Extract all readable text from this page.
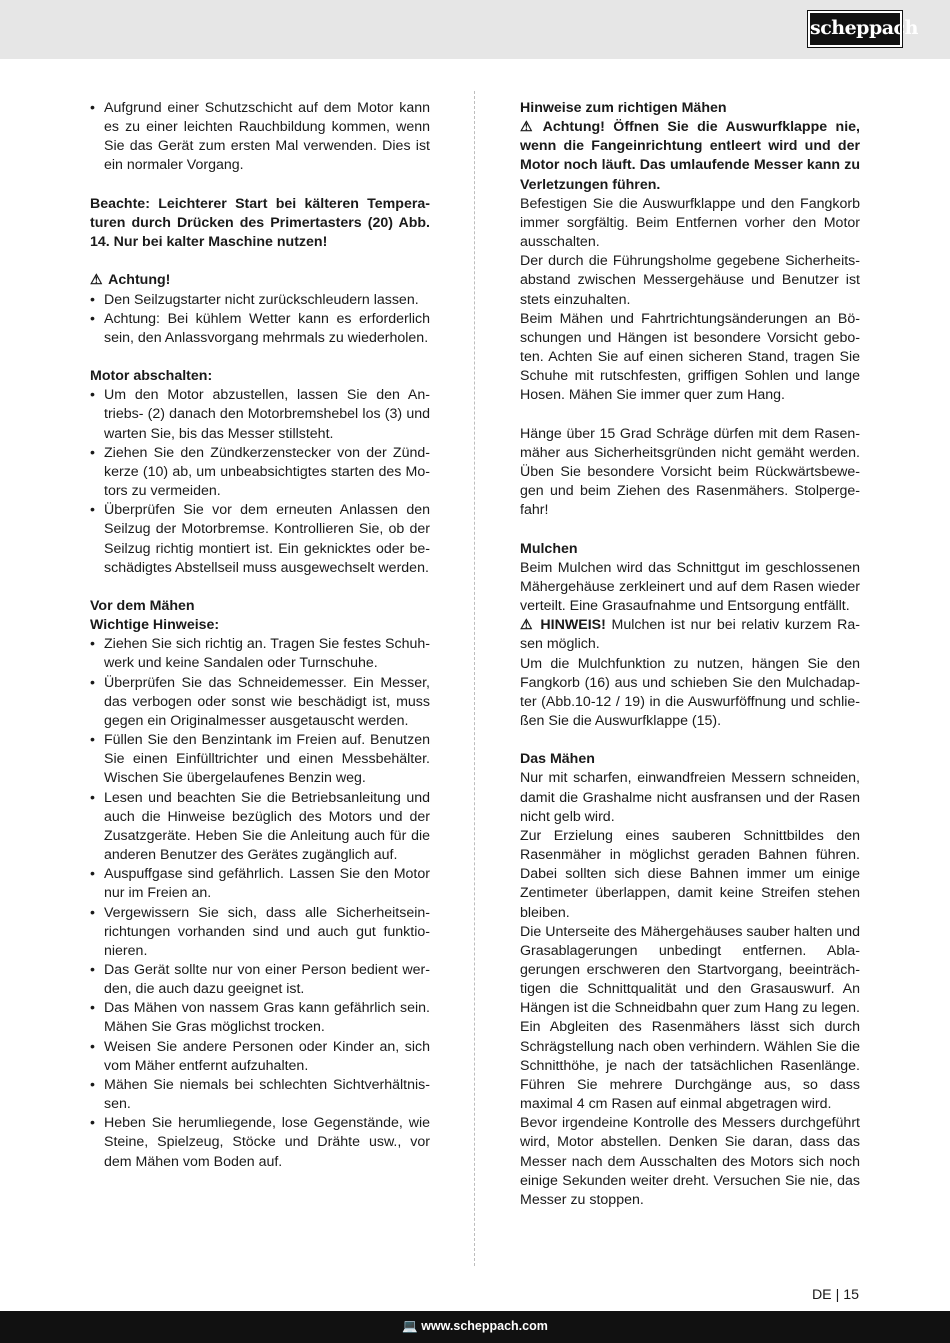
scheppach
• Aufgrund einer Schutzschicht auf dem Motor kann es zu einer leichten Rauchbildung kommen, wenn Sie das Gerät zum ersten Mal verwenden. Dies ist ein normaler Vorgang.

Beachte: Leichterer Start bei kälteren Temperaturen durch Drücken des Primertasters (20) Abb. 14. Nur bei kalter Maschine nutzen!

⚠ Achtung!

• Den Seilzugstarter nicht zurückschleudern lassen.
• Achtung: Bei kühlem Wetter kann es erforderlich sein, den Anlassvorgang mehrmals zu wiederholen.

Motor abschalten:

• Um den Motor abzustellen, lassen Sie den Antriebs- (2) danach den Motorbremshebel los (3) und warten Sie, bis das Messer stillsteht.
• Ziehen Sie den Zündkerzenstecker von der Zündkerze (10) ab, um unbeabsichtigtes starten des Motors zu vermeiden.
• Überprüfen Sie vor dem erneuten Anlassen den Seilzug der Motorbremse. Kontrollieren Sie, ob der Seilzug richtig montiert ist. Ein geknicktes oder beschädigtes Abstellseil muss ausgewechselt werden.

Vor dem Mähen

Wichtige Hinweise:

• Ziehen Sie sich richtig an. Tragen Sie festes Schuhwerk und keine Sandalen oder Turnschuhe.
• Überprüfen Sie das Schneidemesser. Ein Messer, das verbogen oder sonst wie beschädigt ist, muss gegen ein Originalmesser ausgetauscht werden.
• Füllen Sie den Benzintank im Freien auf. Benutzen Sie einen Einfülltrichter und einen Messbehälter. Wischen Sie übergelaufenes Benzin weg.
• Lesen und beachten Sie die Betriebsanleitung und auch die Hinweise bezüglich des Motors und der Zusatzgeräte. Heben Sie die Anleitung auch für die anderen Benutzer des Gerätes zugänglich auf.
• Auspuffgase sind gefährlich. Lassen Sie den Motor nur im Freien an.
• Vergewissern Sie sich, dass alle Sicherheitseinrichtungen vorhanden sind und auch gut funktionieren.
• Das Gerät sollte nur von einer Person bedient werden, die auch dazu geeignet ist.
• Das Mähen von nassem Gras kann gefährlich sein. Mähen Sie Gras möglichst trocken.
• Weisen Sie andere Personen oder Kinder an, sich vom Mäher entfernt aufzuhalten.
• Mähen Sie niemals bei schlechten Sichtverhältnissen.
• Heben Sie herumliegende, lose Gegenstände, wie Steine, Spielzeug, Stöcke und Drähte usw., vor dem Mähen vom Boden auf.

Hinweise zum richtigen Mähen

⚠ Achtung! Öffnen Sie die Auswurfklappe nie, wenn die Fangeinrichtung entleert wird und der Motor noch läuft. Das umlaufende Messer kann zu Verletzungen führen.

Befestigen Sie die Auswurfklappe und den Fangkorb immer sorgfältig. Beim Entfernen vorher den Motor ausschalten.

Der durch die Führungsholme gegebene Sicherheitsabstand zwischen Messergehäuse und Benutzer ist stets einzuhalten.

Beim Mähen und Fahrtrichtungsänderungen an Böschungen und Hängen ist besondere Vorsicht geboten. Achten Sie auf einen sicheren Stand, tragen Sie Schuhe mit rutschfesten, griffigen Sohlen und lange Hosen. Mähen Sie immer quer zum Hang.

Hänge über 15 Grad Schräge dürfen mit dem Rasenmäher aus Sicherheitsgründen nicht gemäht werden. Üben Sie besondere Vorsicht beim Rückwärtsbewegen und beim Ziehen des Rasenmähers. Stolpergefahr!

Mulchen

Beim Mulchen wird das Schnittgut im geschlossenen Mähergehäuse zerkleinert und auf dem Rasen wieder verteilt. Eine Grasaufnahme und Entsorgung entfällt.

⚠ HINWEIS! Mulchen ist nur bei relativ kurzem Rasen möglich.

Um die Mulchfunktion zu nutzen, hängen Sie den Fangkorb (16) aus und schieben Sie den Mulchadapter (Abb.10-12 / 19) in die Auswurföffnung und schließen Sie die Auswurfklappe (15).

Das Mähen

Nur mit scharfen, einwandfreien Messern schneiden, damit die Grashalme nicht ausfransen und der Rasen nicht gelb wird.

Zur Erzielung eines sauberen Schnittbildes den Rasenmäher in möglichst geraden Bahnen führen. Dabei sollten sich diese Bahnen immer um einige Zentimeter überlappen, damit keine Streifen stehen bleiben.

Die Unterseite des Mähergehäuses sauber halten und Grasablagerungen unbedingt entfernen. Ablagerungen erschweren den Startvorgang, beeinträchtigen die Schnittqualität und den Grasauswurf. An Hängen ist die Schneidbahn quer zum Hang zu legen. Ein Abgleiten des Rasenmähers lässt sich durch Schrägstellung nach oben verhindern. Wählen Sie die Schnitthöhe, je nach der tatsächlichen Rasenlänge. Führen Sie mehrere Durchgänge aus, so dass maximal 4 cm Rasen auf einmal abgetragen wird.

Bevor irgendeine Kontrolle des Messers durchgeführt wird, Motor abstellen. Denken Sie daran, dass das Messer nach dem Ausschalten des Motors sich noch einige Sekunden weiter dreht. Versuchen Sie nie, das Messer zu stoppen.

DE | 15
💻 www.scheppach.com
